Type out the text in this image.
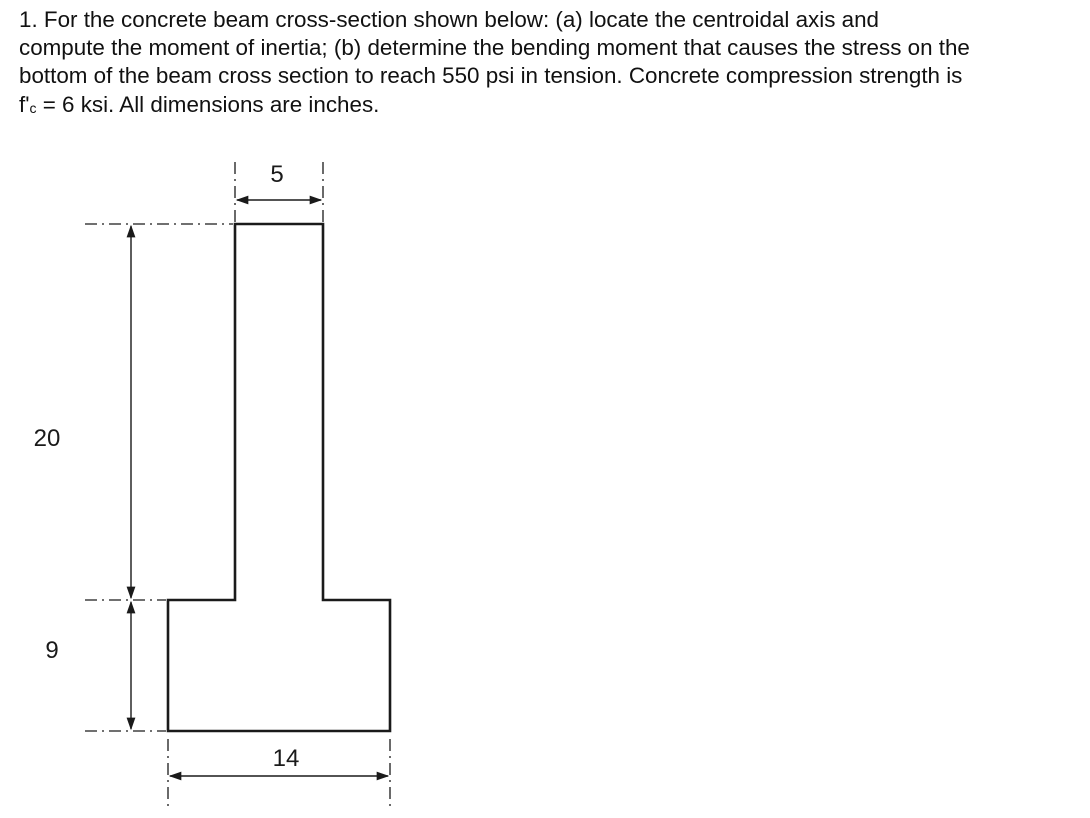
1. For the concrete beam cross-section shown below: (a) locate the centroidal axis and
compute the moment of inertia; (b) determine the bending moment that causes the stress on the
bottom of the beam cross section to reach 550 psi in tension. Concrete compression strength is
f'c = 6 ksi. All dimensions are inches.

5
20
9
14
